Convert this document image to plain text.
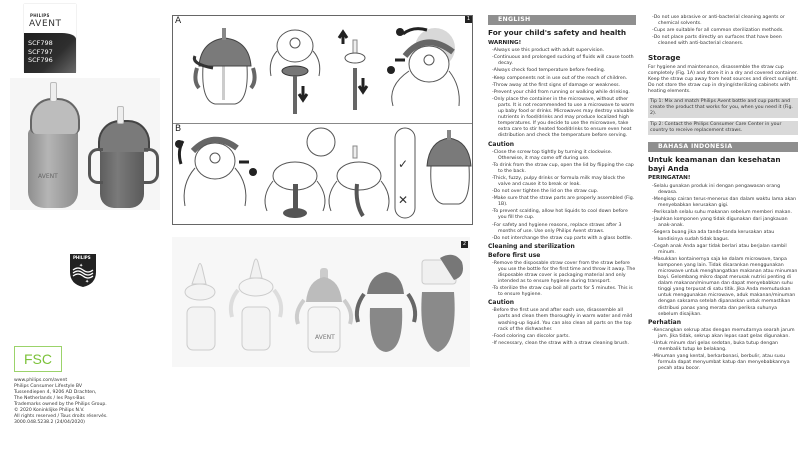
PHILIPS
AVENT
SCF798
SCF797
SCF796
AVENT
✦
✦
PHILIPS
FSC
www.philips.com/avent
Philips Consumer Lifestyle BV
Tussendiepen 4, 9206 AD Drachten,
The Netherlands / les Pays-Bas
Trademarks owned by the Philips Group.
© 2020 Koninklijke Philips N.V.
All rights reserved / Tous droits réservés.
3000.048.5238.2 (24/04/2020)
A	1
B
✓
✕
2
AVENT
ENGLISH
For your child's safety and health
WARNING!
-Always use this product with adult supervision.
-Continuous and prolonged sucking of fluids will cause tooth decay.
-Always check food temperature before feeding.
-Keep components not in use out of the reach of children.
-Throw away at the first signs of damage or weakness.
-Prevent your child from running or walking while drinking.
-Only place the container in the microwave, without other parts. It is not recommended to use a microwave to warm up baby food or drinks. Microwaves may destroy valuable nutrients in food/drinks and may produce localized high temperatures. If you decide to use the microwave, take extra care to stir heated food/drinks to ensure even heat distribution and check the temperature before serving.
Caution
-Close the screw top tightly by turning it clockwise. Otherwise, it may come off during use.
-To drink from the straw cup, open the lid by flipping the cap to the back.
-Thick, fuzzy, pulpy drinks or formula milk may block the valve and cause it to break or leak.
-Do not over tighten the lid on the straw cup.
-Make sure that the straw parts are properly assembled (Fig. 1B).
-To prevent scalding, allow hot liquids to cool down before you fill the cup.
-For safety and hygiene reasons, replace straws after 3 months of use. Use only Philips Avent straws.
-Do not interchange the straw cup parts with a glass bottle.
Cleaning and sterilization
Before first use
-Remove the disposable straw cover from the straw before you use the bottle for the first time and throw it away. The disposable straw cover is packaging material and only intended as to ensure hygiene during transport.
-To sterilize the straw cup boil all parts for 5 minutes. This is to ensure hygiene.
Caution
-Before the first use and after each use, disassemble all parts and clean them thoroughly in warm water and mild washing-up liquid. You can also clean all parts on the top rack of the dishwasher.
-Food coloring can discolor parts.
-If necessary, clean the straw with a straw cleaning brush.
-Do not use abrasive or anti-bacterial cleaning agents or chemical solvents.
-Cups are suitable for all common sterilization methods.
-Do not place parts directly on surfaces that have been cleaned with anti-bacterial cleaners.
Storage
For hygiene and maintenance, disassemble the straw cup completely (Fig. 1A) and store it in a dry and covered container. Keep the straw cup away from heat sources and direct sunlight. Do not store the straw cup in drying/sterilizing cabinets with heating elements.
Tip 1: Mix and match Philips Avent bottle and cup parts and create the product that works for you, when you need it (Fig. 2).
Tip 2: Contact the Philips Consumer Care Center in your country to receive replacement straws.
BAHASA INDONESIA
Untuk keamanan dan kesehatan bayi Anda
PERINGATAN!
-Selalu gunakan produk ini dengan pengawasan orang dewasa.
-Mengisap cairan terus-menerus dan dalam waktu lama akan menyebabkan kerusakan gigi.
-Periksalah selalu suhu makanan sebelum memberi makan.
-Jauhkan komponen yang tidak digunakan dari jangkauan anak-anak.
-Segera buang jika ada tanda-tanda kerusakan atau kondisinya sudah tidak bagus.
-Cegah anak Anda agar tidak berlari atau berjalan sambil minum.
-Masukkan kontainernya saja ke dalam microwave, tanpa komponen yang lain. Tidak disarankan menggunakan microwave untuk menghangatkan makanan atau minuman bayi. Gelombang mikro dapat merusak nutrisi penting di dalam makanan/minuman dan dapat menyebabkan suhu tinggi yang terpusat di satu titik. Jika Anda memutuskan untuk menggunakan microwave, aduk makanan/minuman dengan saksama setelah dipanaskan untuk memastikan distribusi panas yang merata dan periksa suhunya sebelum disajikan.
Perhatian
-Kencangkan sekrup atas dengan memutarnya searah jarum jam. Jika tidak, sekrup akan lepas saat gelas digunakan.
-Untuk minum dari gelas sedotan, buka tutup dengan membalik tutup ke belakang.
-Minuman yang kental, berkarbonasi, berbulir, atau susu formula dapat menyumbat katup dan menyebabkannya pecah atau bocor.
